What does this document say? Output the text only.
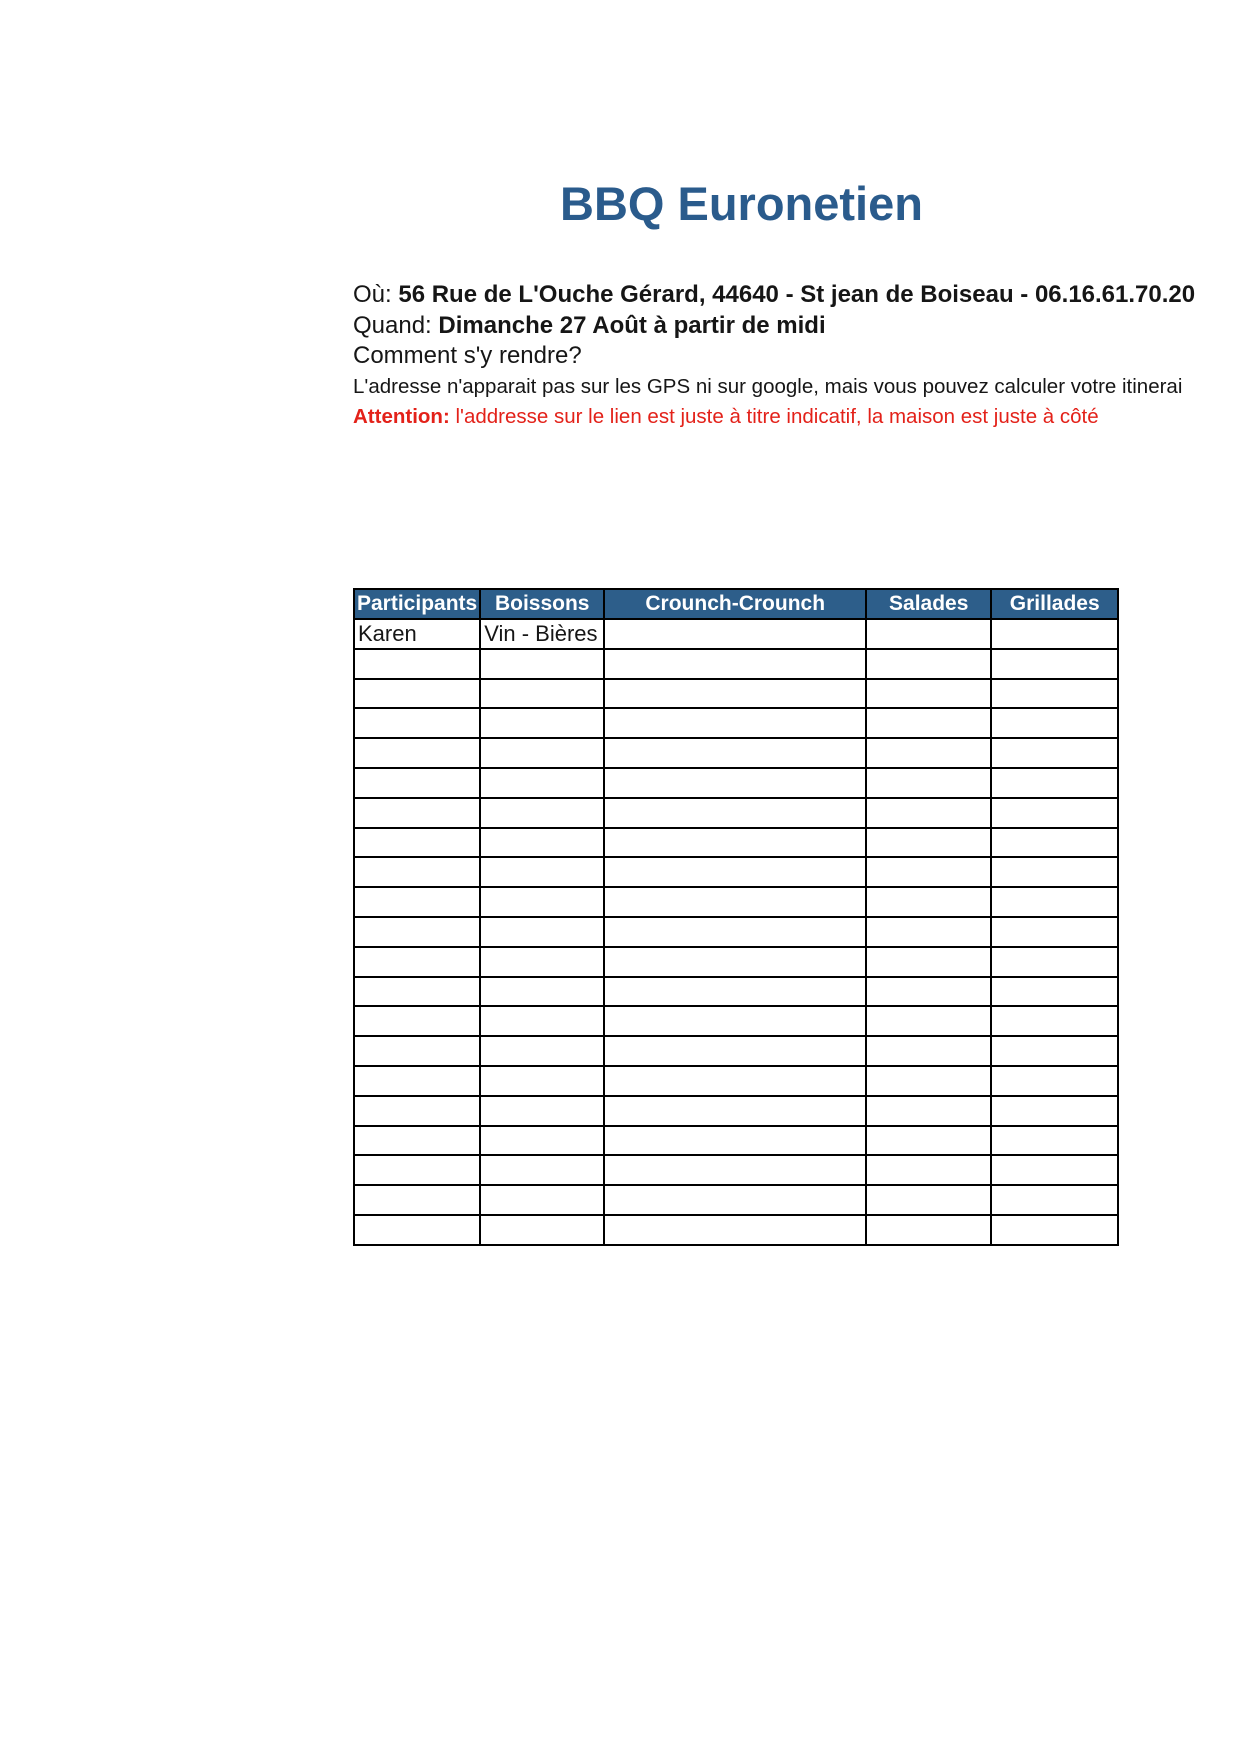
BBQ Euronetien
Où: 56 Rue de L'Ouche Gérard, 44640 - St jean de Boiseau - 06.16.61.70.20
Quand: Dimanche 27 Août à partir de midi
Comment s'y rendre?
L'adresse n'apparait pas sur les GPS ni sur google, mais vous pouvez calculer votre itinerai
Attention: l'addresse sur le lien est juste à titre indicatif, la maison est juste à côté
Participants	Boissons	Crounch-Crounch	Salades	Grillades
Karen	Vin - Bières			
